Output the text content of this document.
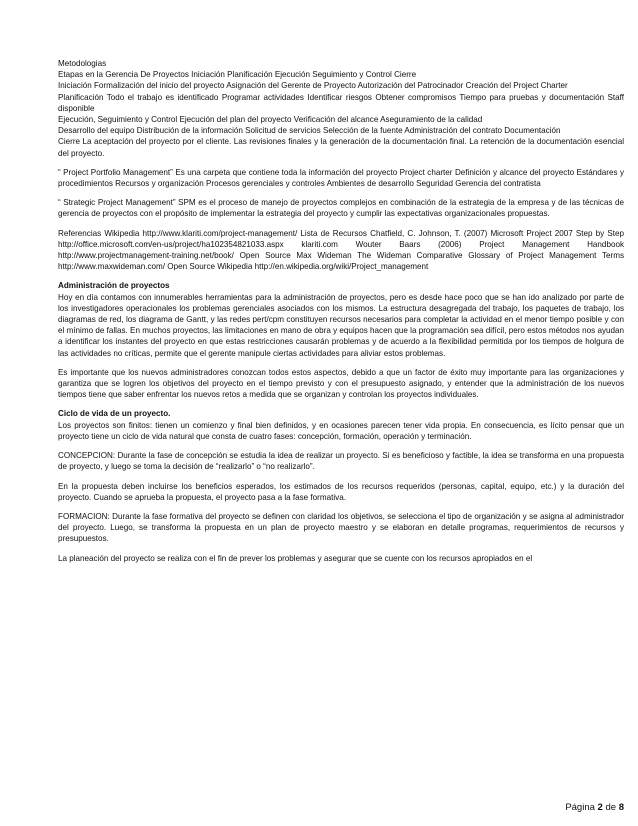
Metodologias

Etapas en la Gerencia De Proyectos Iniciación Planificación Ejecución Seguimiento y Control Cierre

Iniciación Formalización del inicio del proyecto Asignación del Gerente de Proyecto Autorización del Patrocinador Creación del Project Charter

Planificación Todo el trabajo es identificado Programar actividades Identificar riesgos Obtener compromisos Tiempo para pruebas y documentación Staff disponible

Ejecución, Seguimiento y Control Ejecución del plan del proyecto Verificación del alcance Aseguramiento de la calidad

Desarrollo del equipo Distribución de la información Solicitud de servicios Selección de la fuente Administración del contrato Documentación

Cierre La aceptación del proyecto por el cliente. Las revisiones finales y la generación de la documentación final. La retención de la documentación esencial del proyecto.

“ Project Portfolio Management” Es una carpeta que contiene toda la información del proyecto Project charter Definición y alcance del proyecto Estándares y procedimientos Recursos y organización Procesos gerenciales y controles Ambientes de desarrollo Seguridad Gerencia del contratista

“ Strategic Project Management” SPM es el proceso de manejo de proyectos complejos en combinación de la estrategia de la empresa y de las técnicas de gerencia de proyectos con el propósito de implementar la estrategia del proyecto y cumplir las expectativas organizacionales propuestas.

Referencias Wikipedia http://www.klariti.com/project-management/ Lista de Recursos Chatfield, C. Johnson, T. (2007) Microsoft Project 2007 Step by Step http://office.microsoft.com/en-us/project/ha102354821033.aspx klariti.com Wouter Baars (2006) Project Management Handbook http://www.projectmanagement-training.net/book/ Open Source Max Wideman The Wideman Comparative Glossary of Project Management Terms http://www.maxwideman.com/ Open Source Wikipedia http://en.wikipedia.org/wiki/Project_management

Administración de proyectos

Hoy en día contamos con innumerables herramientas para la administración de proyectos, pero es desde hace poco que se han ido analizado por parte de los investigadores operacionales los problemas gerenciales asociados con los mismos. La estructura desagregada del trabajo, los paquetes de trabajo, los diagramas de red, los diagrama de Gantt, y las redes pert/cpm constituyen recursos necesarios para completar la actividad en el menor tiempo posible y con el mínimo de fallas. En muchos proyectos, las limitaciones en mano de obra y equipos hacen que la programación sea difícil, pero estos métodos nos ayudan a identificar los instantes del proyecto en que estas restricciones causarán problemas y de acuerdo a la flexibilidad permitida por los tiempos de holgura de las actividades no críticas, permite que el gerente manipule ciertas actividades para aliviar estos problemas.

Es importante que los nuevos administradores conozcan todos estos aspectos, debido a que un factor de éxito muy importante para las organizaciones y garantiza que se logren los objetivos del proyecto en el tiempo previsto y con el presupuesto asignado, y entender que la administración de los nuevos tiempos tiene que saber enfrentar los nuevos retos a medida que se organizan y controlan los proyectos individuales.

Ciclo de vida de un proyecto.

Los proyectos son finitos: tienen un comienzo y final bien definidos, y en ocasiones parecen tener vida propia. En consecuencia, es lícito pensar que un proyecto tiene un ciclo de vida natural que consta de cuatro fases: concepción, formación, operación y terminación.

CONCEPCION: Durante la fase de concepción se estudia la idea de realizar un proyecto. Si es beneficioso y factible, la idea se transforma en una propuesta de proyecto, y luego se toma la decisión de “realizarlo” o “no realizarlo”.

En la propuesta deben incluirse los beneficios esperados, los estimados de los recursos requeridos (personas, capital, equipo, etc.) y la duración del proyecto. Cuando se aprueba la propuesta, el proyecto pasa a la fase formativa.

FORMACION: Durante la fase formativa del proyecto se definen con claridad los objetivos, se selecciona el tipo de organización y se asigna al administrador del proyecto. Luego, se transforma la propuesta en un plan de proyecto maestro y se elaboran en detalle programas, requerimientos de recursos y presupuestos.

La planeación del proyecto se realiza con el fin de prever los problemas y asegurar que se cuente con los recursos apropiados en el

Página 2 de 8
